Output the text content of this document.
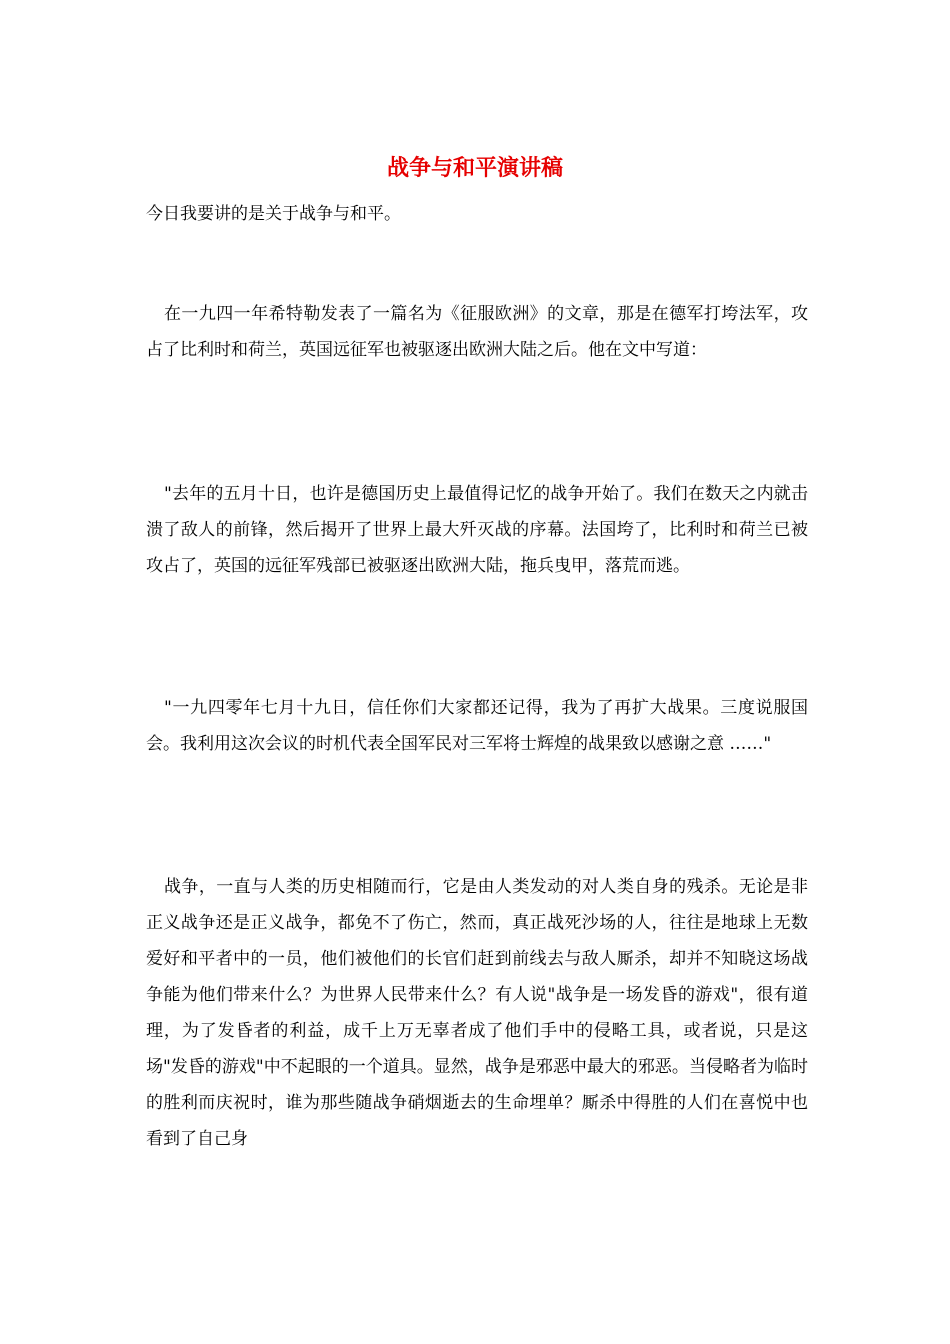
战争与和平演讲稿

今日我要讲的是关于战争与和平。

在一九四一年希特勒发表了一篇名为《征服欧洲》的文章，那是在德军打垮法军，攻占了比利时和荷兰，英国远征军也被驱逐出欧洲大陆之后。他在文中写道：

"去年的五月十日，也许是德国历史上最值得记忆的战争开始了。我们在数天之内就击溃了敌人的前锋，然后揭开了世界上最大歼灭战的序幕。法国垮了，比利时和荷兰已被攻占了，英国的远征军残部已被驱逐出欧洲大陆，拖兵曳甲，落荒而逃。

"一九四零年七月十九日，信任你们大家都还记得，我为了再扩大战果。三度说服国会。我利用这次会议的时机代表全国军民对三军将士辉煌的战果致以感谢之意 ……"

战争，一直与人类的历史相随而行，它是由人类发动的对人类自身的残杀。无论是非正义战争还是正义战争，都免不了伤亡，然而，真正战死沙场的人，往往是地球上无数爱好和平者中的一员，他们被他们的长官们赶到前线去与敌人厮杀，却并不知晓这场战争能为他们带来什么？为世界人民带来什么？有人说"战争是一场发昏的游戏"，很有道理，为了发昏者的利益，成千上万无辜者成了他们手中的侵略工具，或者说，只是这场"发昏的游戏"中不起眼的一个道具。显然，战争是邪恶中最大的邪恶。当侵略者为临时的胜利而庆祝时，谁为那些随战争硝烟逝去的生命埋单？厮杀中得胜的人们在喜悦中也看到了自己身
